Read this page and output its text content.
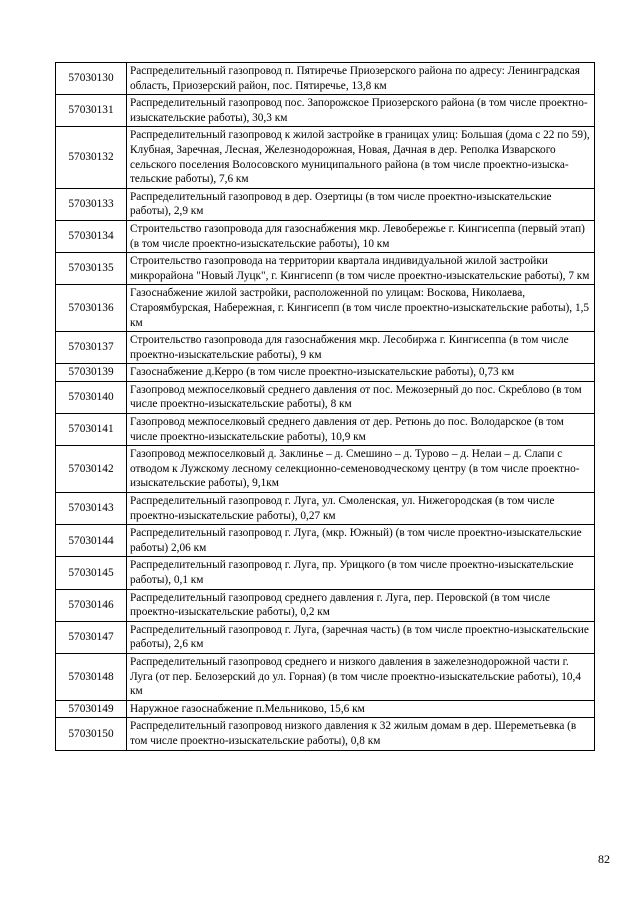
57030130	Распределительный газопровод п. Пятиречье Приозерского района по адресу: Ленинградская область, Приозерский район, пос. Пятиречье, 13,8 км
57030131	Распределительный газопровод пос. Запорожское Приозерского района (в том числе проектно-изыскательские работы), 30,3 км
57030132	Распределительный газопровод к жилой застройке в границах улиц: Большая (дома с 22 по 59), Клубная, Заречная, Лесная, Железнодорожная, Новая, Дачная в дер. Реполка Изварского сельского поселения Волосовского муниципального района (в том числе проектно-изыска-тельские работы), 7,6 км
57030133	Распределительный газопровод в дер. Озертицы (в том числе проектно-изыскательские работы), 2,9 км
57030134	Строительство газопровода для газоснабжения мкр. Левобережье г. Кингисеппа (первый этап) (в том числе проектно-изыскательские работы), 10 км
57030135	Строительство газопровода на территории квартала индивидуальной жилой застройки микрорайона "Новый Луцк", г. Кингисепп (в том числе проектно-изыскательские работы), 7 км
57030136	Газоснабжение жилой застройки, расположенной по улицам: Воскова, Николаева, Староямбурская, Набережная, г. Кингисепп (в том числе проектно-изыскательские работы), 1,5 км
57030137	Строительство газопровода для газоснабжения мкр. Лесобиржа г. Кингисеппа (в том числе проектно-изыскательские работы), 9 км
57030139	Газоснабжение д.Керро (в том числе проектно-изыскательские работы), 0,73 км
57030140	Газопровод межпоселковый среднего давления от пос. Межозерный до пос. Скреблово (в том числе проектно-изыскательские работы), 8 км
57030141	Газопровод межпоселковый среднего давления от дер. Ретюнь до пос. Володарское (в том числе проектно-изыскательские работы), 10,9 км
57030142	Газопровод межпоселковый д. Заклинье – д. Смешино – д. Турово – д. Нелаи – д. Слапи с отводом к Лужскому лесному селекционно-семеноводческому центру (в том числе проектно-изыскательские работы), 9,1км
57030143	Распределительный газопровод г. Луга, ул. Смоленская, ул. Нижегородская (в том числе проектно-изыскательские работы), 0,27 км
57030144	Распределительный газопровод г. Луга, (мкр. Южный) (в том числе проектно-изыскательские работы) 2,06 км
57030145	Распределительный газопровод г. Луга, пр. Урицкого (в том числе проектно-изыскательские работы), 0,1 км
57030146	Распределительный газопровод среднего давления г. Луга, пер. Перовской (в том числе проектно-изыскательские работы), 0,2 км
57030147	Распределительный газопровод г. Луга, (заречная часть) (в том числе проектно-изыскательские работы), 2,6 км
57030148	Распределительный газопровод среднего и низкого давления в зажелезнодорожной части г. Луга (от пер. Белозерский до ул. Горная) (в том числе проектно-изыскательские работы), 10,4 км
57030149	Наружное газоснабжение п.Мельниково, 15,6 км
57030150	Распределительный газопровод низкого давления к 32 жилым домам в дер. Шереметьевка (в том числе проектно-изыскательские работы), 0,8 км
82
